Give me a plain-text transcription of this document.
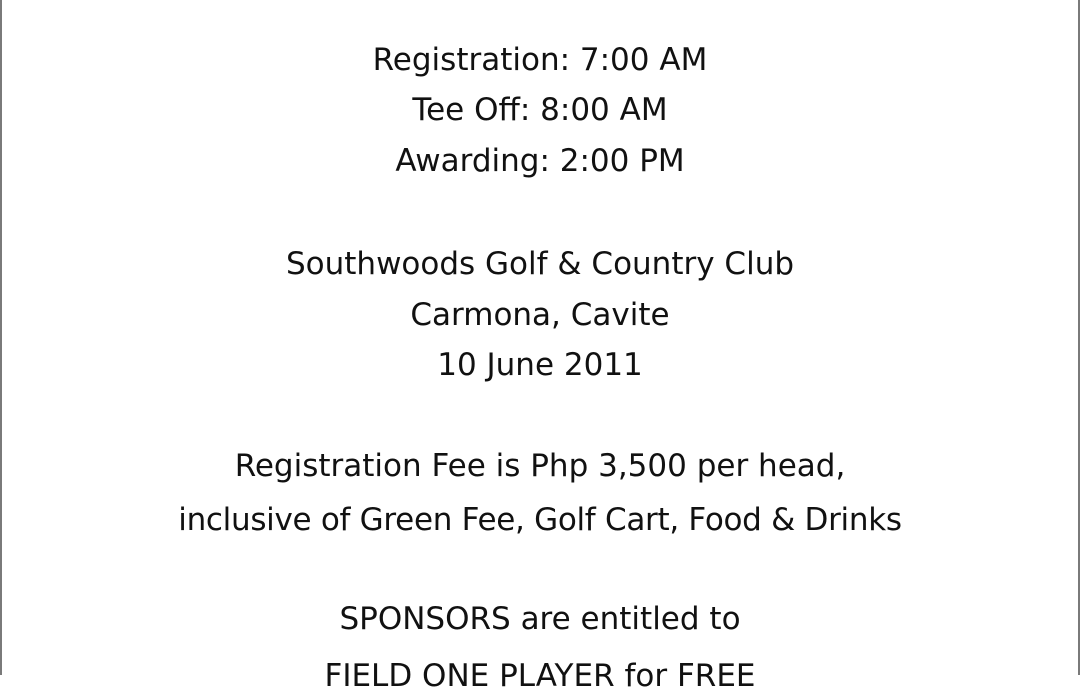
Registration: 7:00 AM
Tee Off: 8:00 AM
Awarding: 2:00 PM
Southwoods Golf & Country Club
Carmona, Cavite
10 June 2011
Registration Fee is Php 3,500 per head,
inclusive of Green Fee, Golf Cart, Food & Drinks
SPONSORS are entitled to
FIELD ONE PLAYER for FREE
